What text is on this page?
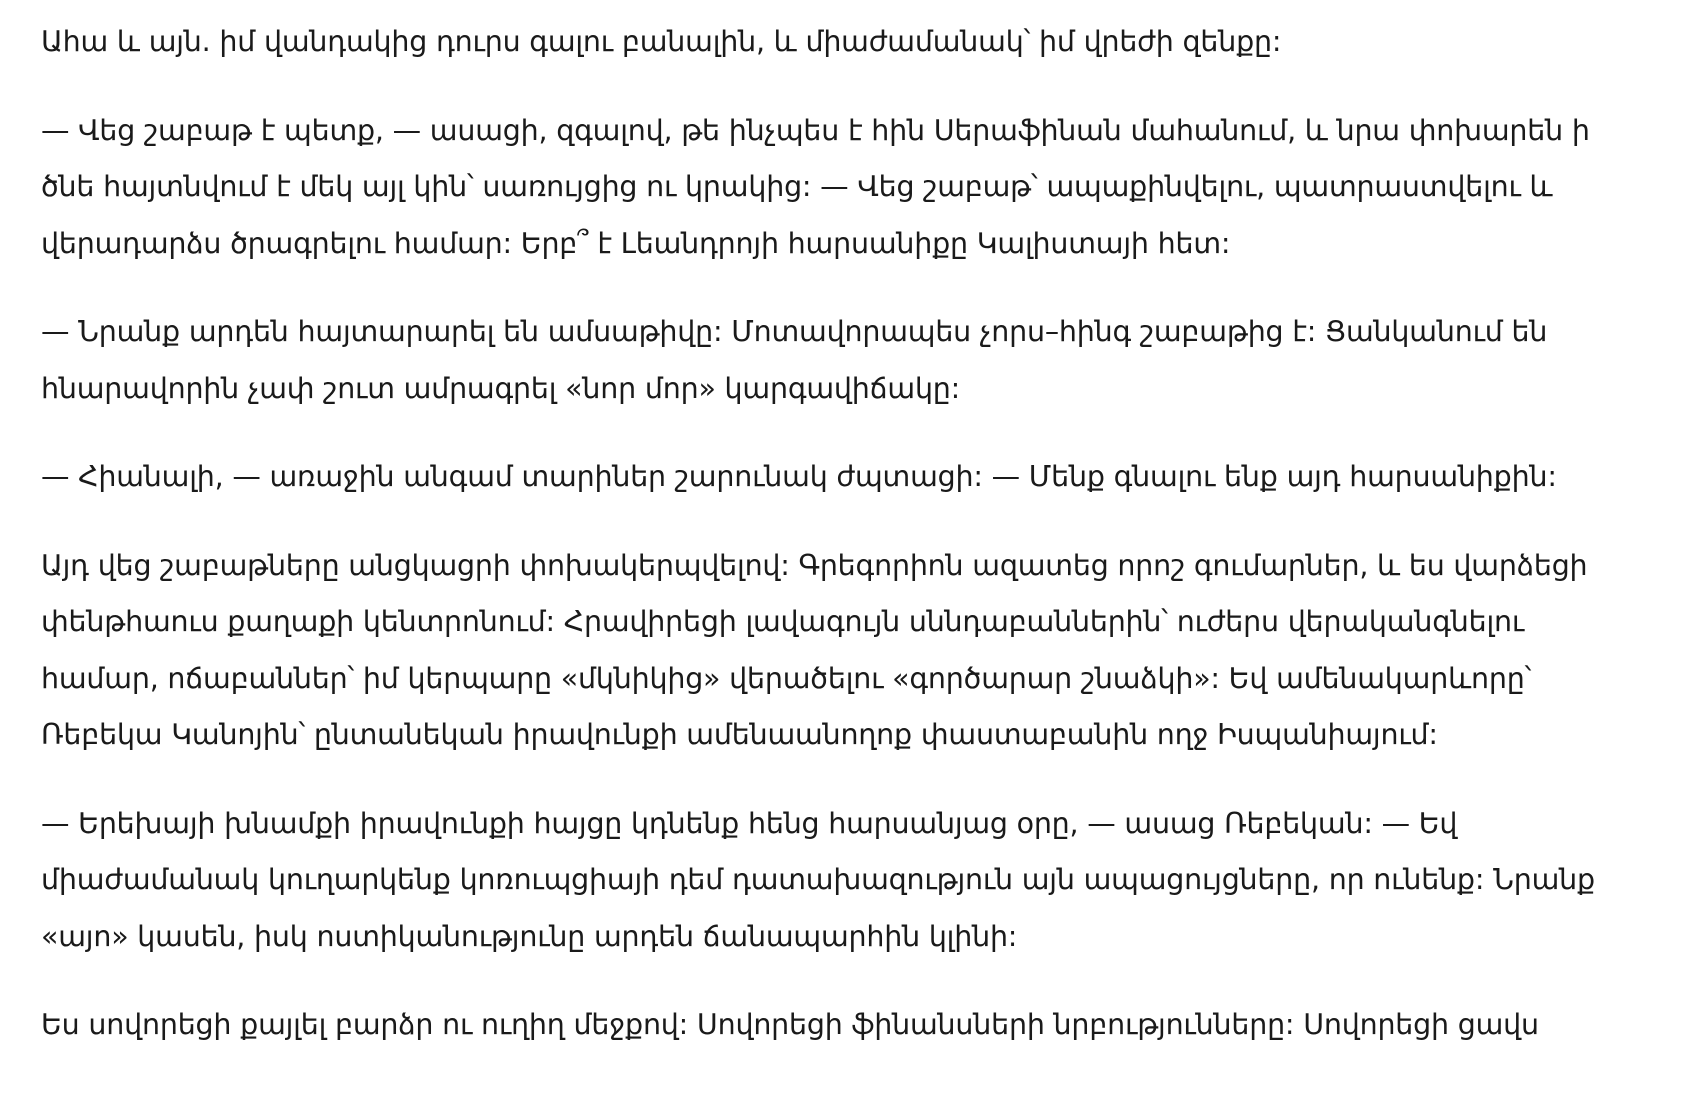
Ահա և այն. իմ վանդակից դուրս գալու բանալին, և միաժամանակ՝ իմ վրեժի զենքը:

— Վեց շաբաթ է պետք, — ասացի, զգալով, թե ինչպես է հին Սերաֆինան մահանում, և նրա փոխարեն ի ծնե հայտնվում է մեկ այլ կին՝ սառույցից ու կրակից: — Վեց շաբաթ՝ ապաքինվելու, պատրաստվելու և վերադարձս ծրագրելու համար: Երբ՞ է Լեանդրոյի հարսանիքը Կալիստայի հետ:

— Նրանք արդեն հայտարարել են ամսաթիվը: Մոտավորապես չորս–հինգ շաբաթից է: Ցանկանում են հնարավորին չափ շուտ ամրագրել «նոր մոր» կարգավիճակը:

— Հիանալի, — առաջին անգամ տարիներ շարունակ ժպտացի: — Մենք գնալու ենք այդ հարսանիքին:

Այդ վեց շաբաթները անցկացրի փոխակերպվելով: Գրեգորիոն ազատեց որոշ գումարներ, և ես վարձեցի փենթհաուս քաղաքի կենտրոնում: Հրավիրեցի լավագույն սննդաբաններին՝ ուժերս վերականգնելու համար, ոճաբաններ՝ իմ կերպարը «մկնիկից» վերածելու «գործարար շնաձկի»: Եվ ամենակարևորը՝ Ռեբեկա Կանոյին՝ ընտանեկան իրավունքի ամենաանողոք փաստաբանին ողջ Իսպանիայում:

— Երեխայի խնամքի իրավունքի հայցը կդնենք հենց հարսանյաց օրը, — ասաց Ռեբեկան: — Եվ միաժամանակ կուղարկենք կոռուպցիայի դեմ դատախազություն այն ապացույցները, որ ունենք: Նրանք «այո» կասեն, իսկ ոստիկանությունը արդեն ճանապարհին կլինի:

Ես սովորեցի քայլել բարձր ու ուղիղ մեջքով: Սովորեցի ֆինանսների նրբությունները: Սովորեցի ցավս
